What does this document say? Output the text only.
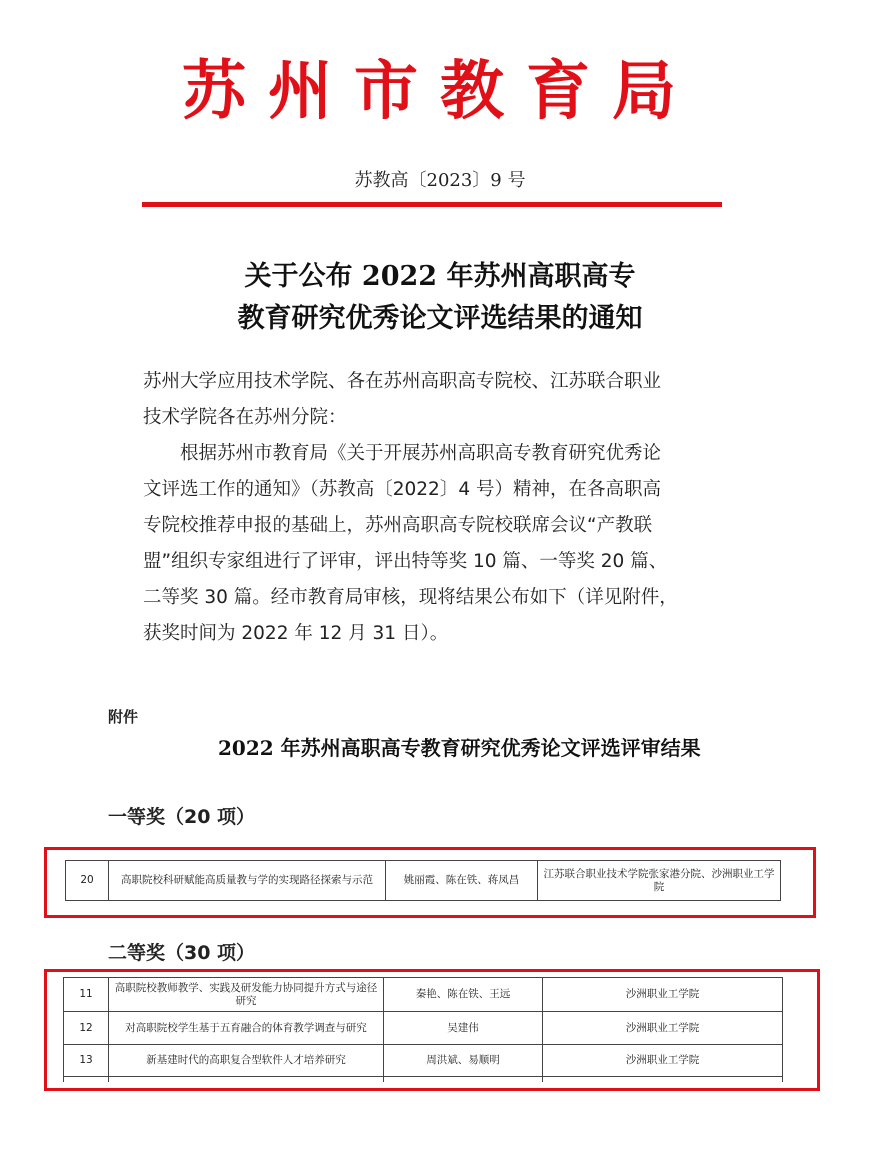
苏州市教育局
苏教高〔2023〕9 号
关于公布 2022 年苏州高职高专
教育研究优秀论文评选结果的通知
苏州大学应用技术学院、各在苏州高职高专院校、江苏联合职业
技术学院各在苏州分院：
　　根据苏州市教育局《关于开展苏州高职高专教育研究优秀论
文评选工作的通知》（苏教高〔2022〕4 号）精神，在各高职高
专院校推荐申报的基础上，苏州高职高专院校联席会议“产教联
盟”组织专家组进行了评审，评出特等奖 10 篇、一等奖 20 篇、
二等奖 30 篇。经市教育局审核，现将结果公布如下（详见附件，
获奖时间为 2022 年 12 月 31 日）。
附件
2022 年苏州高职高专教育研究优秀论文评选评审结果
一等奖（20 项）
20	高职院校科研赋能高质量教与学的实现路径探索与示范	姚丽霞、陈在铁、蒋凤昌	江苏联合职业技术学院张家港分院、沙洲职业工学院
二等奖（30 项）
11	高职院校教师教学、实践及研发能力协同提升方式与途径研究	秦艳、陈在铁、王远	沙洲职业工学院
12	对高职院校学生基于五育融合的体育教学调查与研究	吴建伟	沙洲职业工学院
13	新基建时代的高职复合型软件人才培养研究	周洪斌、易顺明	沙洲职业工学院
